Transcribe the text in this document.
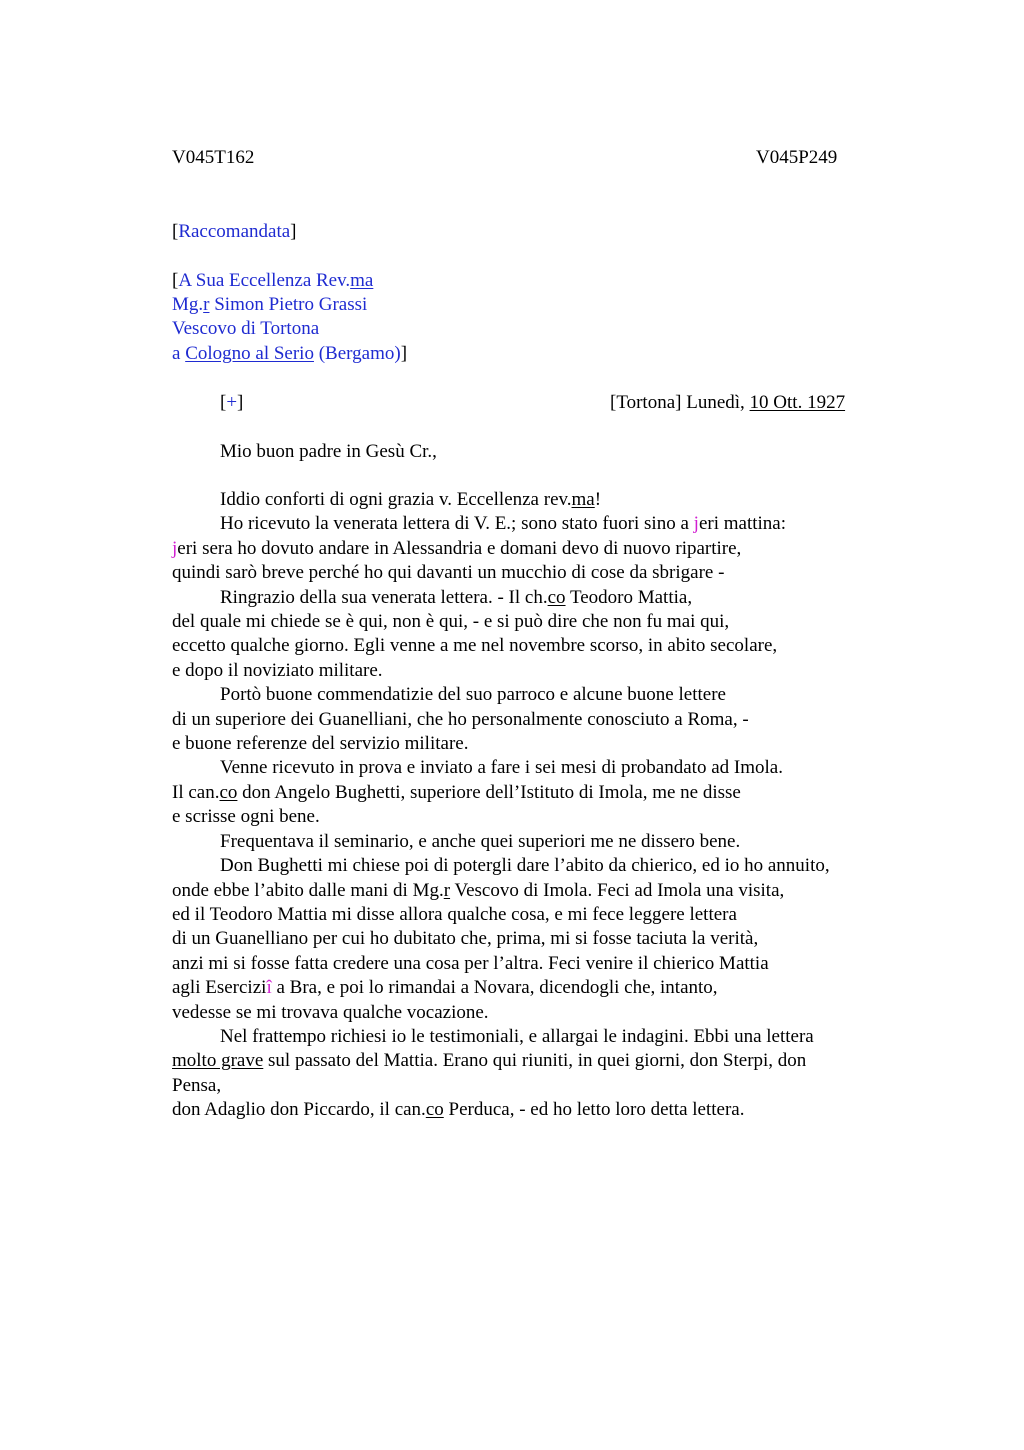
V045T162	V045P249
[Raccomandata]
[A Sua Eccellenza Rev.ma
Mg.r Simon Pietro Grassi
Vescovo di Tortona
a Cologno al Serio (Bergamo)]
[+]	[Tortona] Lunedì, 10 Ott. 1927
Mio buon padre in Gesù Cr.,

Iddio conforti di ogni grazia v. Eccellenza rev.ma!

Ho ricevuto la venerata lettera di V. E.; sono stato fuori sino a jeri mattina:

jeri sera ho dovuto andare in Alessandria e domani devo di nuovo ripartire,

quindi sarò breve perché ho qui davanti un mucchio di cose da sbrigare -

Ringrazio della sua venerata lettera. - Il ch.co Teodoro Mattia,

del quale mi chiede se è qui, non è qui, - e si può dire che non fu mai qui,

eccetto qualche giorno. Egli venne a me nel novembre scorso, in abito secolare,

e dopo il noviziato militare.

Portò buone commendatizie del suo parroco e alcune buone lettere

di un superiore dei Guanelliani, che ho personalmente conosciuto a Roma, -

e buone referenze del servizio militare.

Venne ricevuto in prova e inviato a fare i sei mesi di probandato ad Imola.

Il can.co don Angelo Bughetti, superiore dell’Istituto di Imola, me ne disse

e scrisse ogni bene.

Frequentava il seminario, e anche quei superiori me ne dissero bene.

Don Bughetti mi chiese poi di potergli dare l’abito da chierico, ed io ho annuito,

onde ebbe l’abito dalle mani di Mg.r Vescovo di Imola. Feci ad Imola una visita,

ed il Teodoro Mattia mi disse allora qualche cosa, e mi fece leggere lettera

di un Guanelliano per cui ho dubitato che, prima, mi si fosse taciuta la verità,

anzi mi si fosse fatta credere una cosa per l’altra. Feci venire il chierico Mattia

agli Eserciziî a Bra, e poi lo rimandai a Novara, dicendogli che, intanto,

vedesse se mi trovava qualche vocazione.

Nel frattempo richiesi io le testimoniali, e allargai le indagini. Ebbi una lettera

molto grave sul passato del Mattia. Erano qui riuniti, in quei giorni, don Sterpi, don

Pensa,

don Adaglio don Piccardo, il can.co Perduca, - ed ho letto loro detta lettera.
